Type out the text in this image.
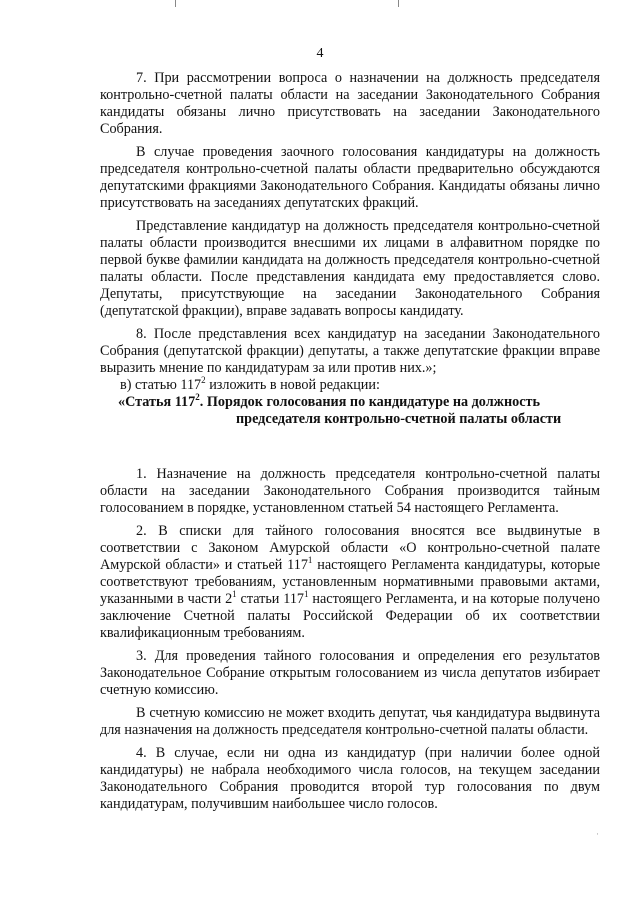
4

7. При рассмотрении вопроса о назначении на должность председателя контрольно-счетной палаты области на заседании Законодательного Собрания кандидаты обязаны лично присутствовать на заседании Законодательного Собрания.

В случае проведения заочного голосования кандидатуры на должность председателя контрольно-счетной палаты области предварительно обсуждаются депутатскими фракциями Законодательного Собрания. Кандидаты обязаны лично присутствовать на заседаниях депутатских фракций.

Представление кандидатур на должность председателя контрольно-счетной палаты области производится внесшими их лицами в алфавитном порядке по первой букве фамилии кандидата на должность председателя контрольно-счетной палаты области. После представления кандидата ему предоставляется слово. Депутаты, присутствующие на заседании Законодательного Собрания (депутатской фракции), вправе задавать вопросы кандидату.

8. После представления всех кандидатур на заседании Законодательного Собрания (депутатской фракции) депутаты, а также депутатские фракции вправе выразить мнение по кандидатурам за или против них.»;

в) статью $117^2$ изложить в новой редакции:

«Статья $117^2$. Порядок голосования по кандидатуре на должность председателя контрольно-счетной палаты области

1. Назначение на должность председателя контрольно-счетной палаты области на заседании Законодательного Собрания производится тайным голосованием в порядке, установленном статьей 54 настоящего Регламента.

2. В списки для тайного голосования вносятся все выдвинутые в соответствии с Законом Амурской области «О контрольно-счетной палате Амурской области» и статьей $117^1$ настоящего Регламента кандидатуры, которые соответствуют требованиям, установленным нормативными правовыми актами, указанными в части $2^1$ статьи $117^1$ настоящего Регламента, и на которые получено заключение Счетной палаты Российской Федерации об их соответствии квалификационным требованиям.

3. Для проведения тайного голосования и определения его результатов Законодательное Собрание открытым голосованием из числа депутатов избирает счетную комиссию.

В счетную комиссию не может входить депутат, чья кандидатура выдвинута для назначения на должность председателя контрольно-счетной палаты области.

4. В случае, если ни одна из кандидатур (при наличии более одной кандидатуры) не набрала необходимого числа голосов, на текущем заседании Законодательного Собрания проводится второй тур голосования по двум кандидатурам, получившим наибольшее число голосов.

·
